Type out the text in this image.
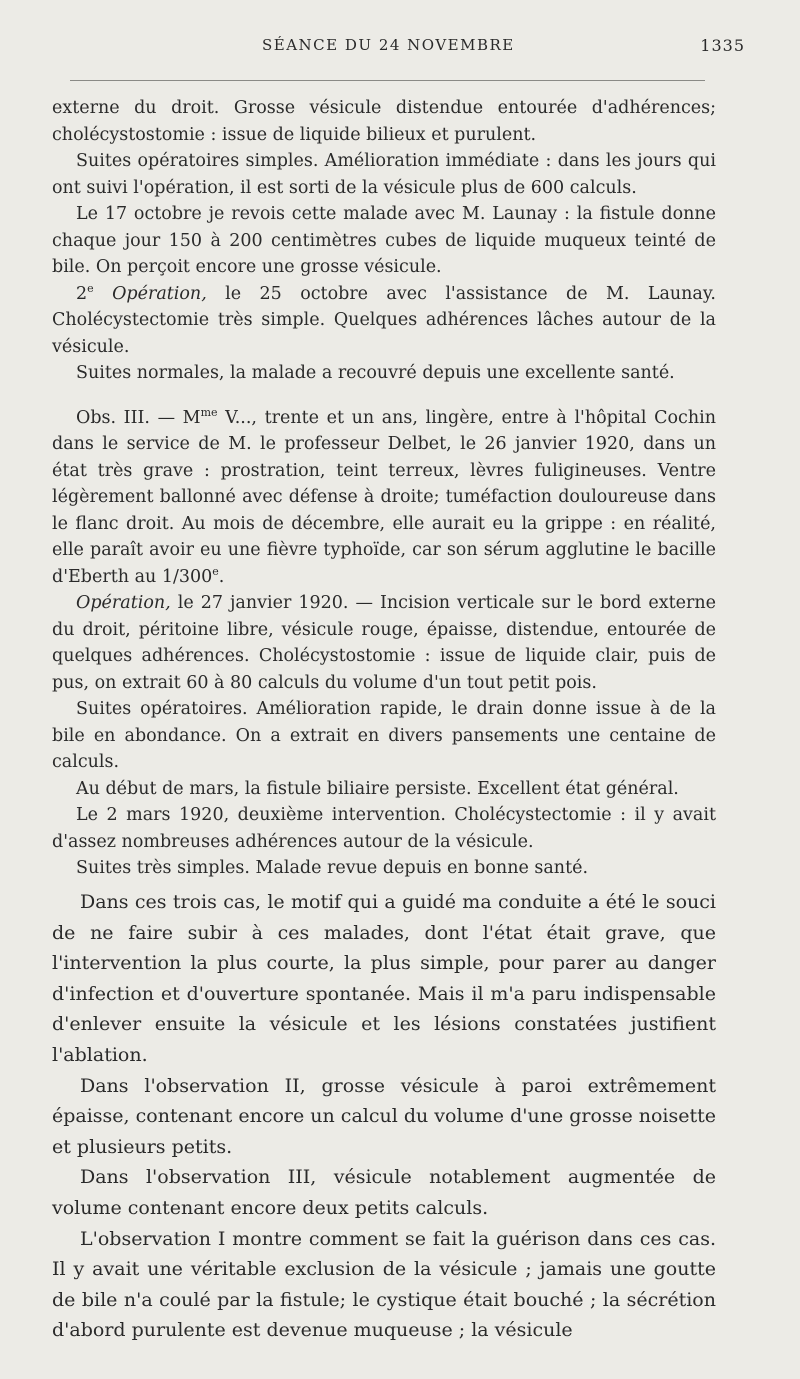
SÉANCE DU 24 NOVEMBRE	1335

externe du droit. Grosse vésicule distendue entourée d'adhérences; cholécystostomie : issue de liquide bilieux et purulent.

Suites opératoires simples. Amélioration immédiate : dans les jours qui ont suivi l'opération, il est sorti de la vésicule plus de 600 calculs.

Le 17 octobre je revois cette malade avec M. Launay : la fistule donne chaque jour 150 à 200 centimètres cubes de liquide muqueux teinté de bile. On perçoit encore une grosse vésicule.

2e Opération, le 25 octobre avec l'assistance de M. Launay. Cholécystectomie très simple. Quelques adhérences lâches autour de la vésicule.

Suites normales, la malade a recouvré depuis une excellente santé.

Obs. III. — $M^{me}$ V..., trente et un ans, lingère, entre à l'hôpital Cochin dans le service de M. le professeur Delbet, le 26 janvier 1920, dans un état très grave : prostration, teint terreux, lèvres fuligineuses. Ventre légèrement ballonné avec défense à droite; tuméfaction douloureuse dans le flanc droit. Au mois de décembre, elle aurait eu la grippe : en réalité, elle paraît avoir eu une fièvre typhoïde, car son sérum agglutine le bacille d'Eberth au 1/300e.

Opération, le 27 janvier 1920. — Incision verticale sur le bord externe du droit, péritoine libre, vésicule rouge, épaisse, distendue, entourée de quelques adhérences. Cholécystostomie : issue de liquide clair, puis de pus, on extrait 60 à 80 calculs du volume d'un tout petit pois.

Suites opératoires. Amélioration rapide, le drain donne issue à de la bile en abondance. On a extrait en divers pansements une centaine de calculs.

Au début de mars, la fistule biliaire persiste. Excellent état général.

Le 2 mars 1920, deuxième intervention. Cholécystectomie : il y avait d'assez nombreuses adhérences autour de la vésicule.

Suites très simples. Malade revue depuis en bonne santé.

Dans ces trois cas, le motif qui a guidé ma conduite a été le souci de ne faire subir à ces malades, dont l'état était grave, que l'intervention la plus courte, la plus simple, pour parer au danger d'infection et d'ouverture spontanée. Mais il m'a paru indispensable d'enlever ensuite la vésicule et les lésions constatées justifient l'ablation.

Dans l'observation II, grosse vésicule à paroi extrêmement épaisse, contenant encore un calcul du volume d'une grosse noisette et plusieurs petits.

Dans l'observation III, vésicule notablement augmentée de volume contenant encore deux petits calculs.

L'observation I montre comment se fait la guérison dans ces cas. Il y avait une véritable exclusion de la vésicule ; jamais une goutte de bile n'a coulé par la fistule; le cystique était bouché ; la sécrétion d'abord purulente est devenue muqueuse ; la vésicule
